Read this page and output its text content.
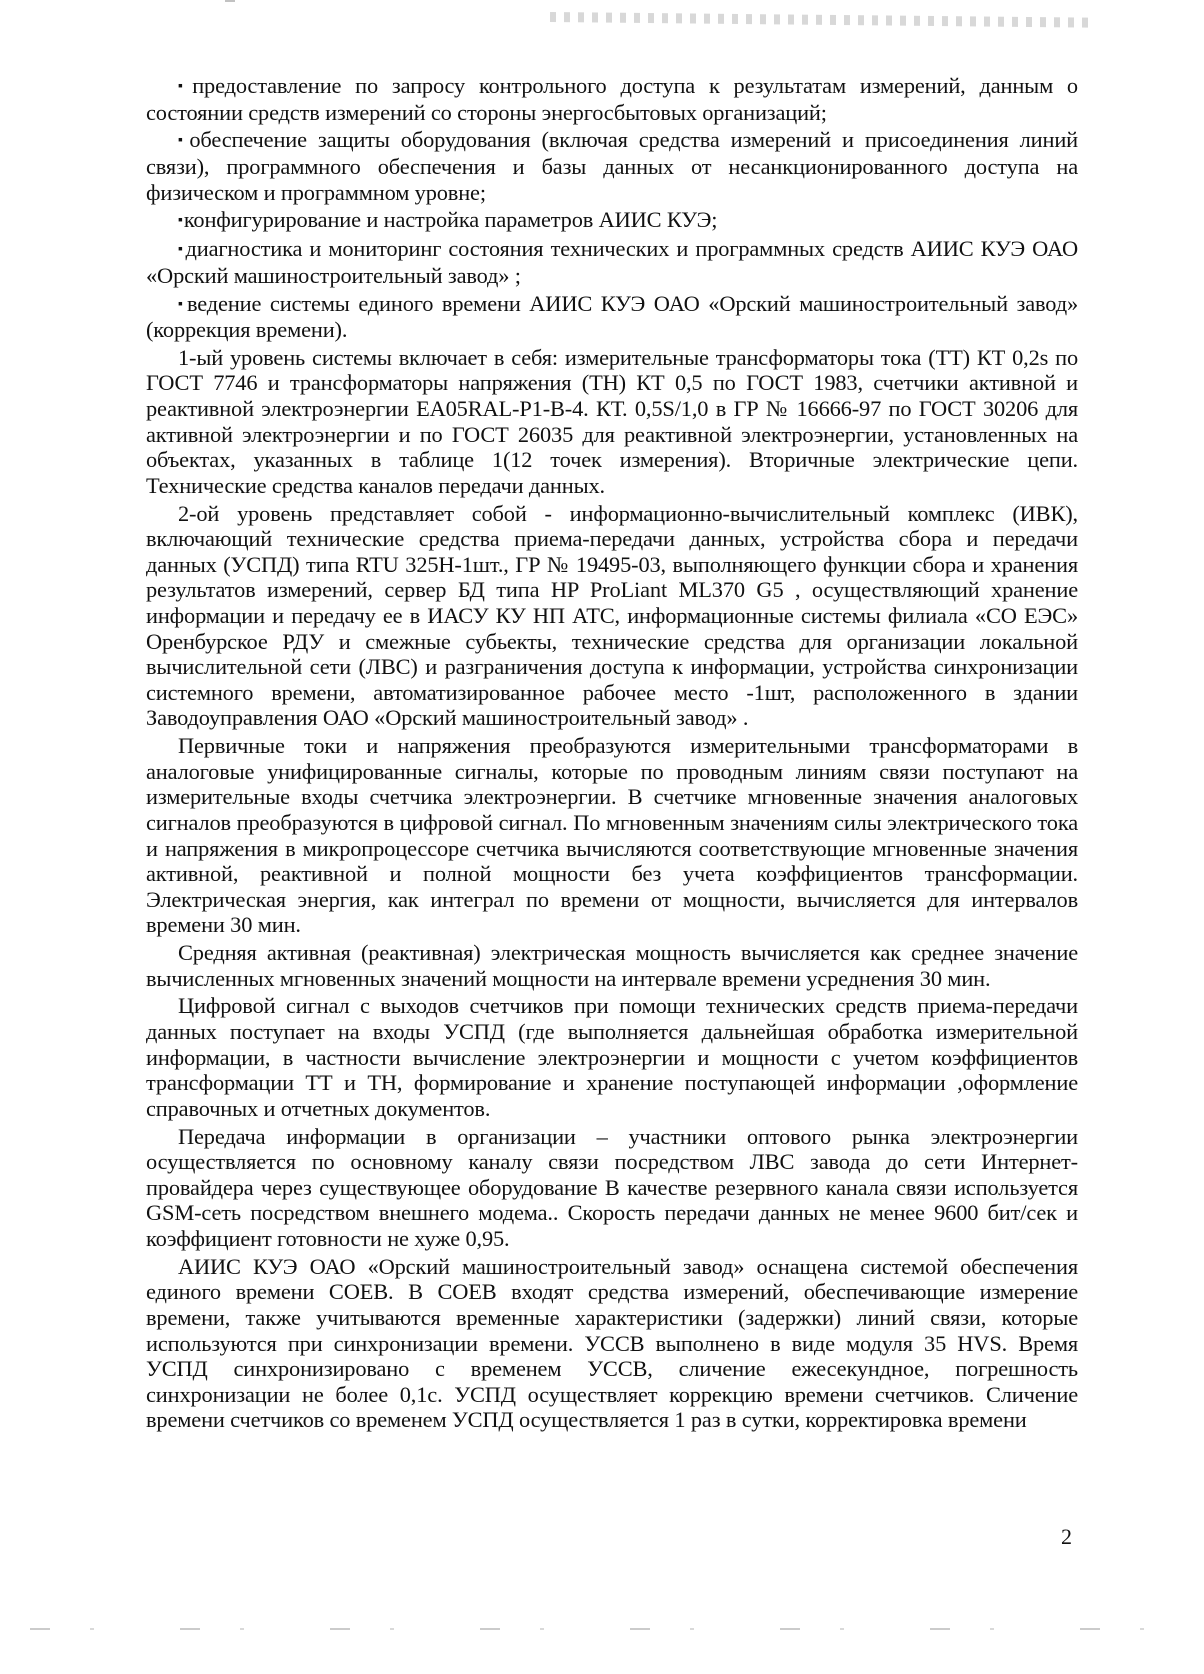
▪предоставление по запросу контрольного доступа к результатам измерений, данным о состоянии средств измерений со стороны энергосбытовых организаций;

▪обеспечение защиты оборудования (включая средства измерений и присоединения линий связи), программного обеспечения и базы данных от несанкционированного доступа на физическом и программном уровне;

▪конфигурирование и настройка параметров АИИС КУЭ;

▪диагностика и мониторинг состояния технических и программных средств АИИС КУЭ ОАО «Орский машиностроительный завод» ;

▪ведение системы единого времени АИИС КУЭ ОАО «Орский машиностроительный завод» (коррекция времени).

1-ый уровень системы включает в себя: измерительные трансформаторы тока (ТТ) КТ 0,2s по ГОСТ 7746 и трансформаторы напряжения (ТН) КТ 0,5 по ГОСТ 1983, счетчики активной и реактивной электроэнергии EA05RAL-P1-B-4. КТ. 0,5S/1,0 в ГР № 16666-97 по ГОСТ 30206 для активной электроэнергии и по ГОСТ 26035 для реактивной электроэнергии, установленных на объектах, указанных в таблице 1(12 точек измерения). Вторичные электрические цепи. Технические средства каналов передачи данных.

2-ой уровень представляет собой - информационно-вычислительный комплекс (ИВК), включающий технические средства приема-передачи данных, устройства сбора и передачи данных (УСПД) типа RTU 325H-1шт., ГР № 19495-03, выполняющего функции сбора и хранения результатов измерений, сервер БД типа HP ProLiant ML370 G5 , осуществляющий хранение информации и передачу ее в ИАСУ КУ НП АТС, информационные системы филиала «СО ЕЭС» Оренбурское РДУ и смежные субьекты, технические средства для организации локальной вычислительной сети (ЛВС) и разграничения доступа к информации, устройства синхронизации системного времени, автоматизированное рабочее место -1шт, расположенного в здании Заводоуправления ОАО «Орский машиностроительный завод» .

Первичные токи и напряжения преобразуются измерительными трансформаторами в аналоговые унифицированные сигналы, которые по проводным линиям связи поступают на измерительные входы счетчика электроэнергии. В счетчике мгновенные значения аналоговых сигналов преобразуются в цифровой сигнал. По мгновенным значениям силы электрического тока и напряжения в микропроцессоре счетчика вычисляются соответствующие мгновенные значения активной, реактивной и полной мощности без учета коэффициентов трансформации. Электрическая энергия, как интеграл по времени от мощности, вычисляется для интервалов времени 30 мин.

Средняя активная (реактивная) электрическая мощность вычисляется как среднее значение вычисленных мгновенных значений мощности на интервале времени усреднения 30 мин.

Цифровой сигнал с выходов счетчиков при помощи технических средств приема-передачи данных поступает на входы УСПД (где выполняется дальнейшая обработка измерительной информации, в частности вычисление электроэнергии и мощности с учетом коэффициентов трансформации ТТ и ТН, формирование и хранение поступающей информации ,оформление справочных и отчетных документов.

Передача информации в организации – участники оптового рынка электроэнергии осуществляется по основному каналу связи посредством ЛВС завода до сети Интернет-провайдера через существующее оборудование В качестве резервного канала связи используется GSM-сеть посредством внешнего модема.. Скорость передачи данных не менее 9600 бит/сек и коэффициент готовности не хуже 0,95.

АИИС КУЭ ОАО «Орский машиностроительный завод» оснащена системой обеспечения единого времени СОЕВ. В СОЕВ входят средства измерений, обеспечивающие измерение времени, также учитываются временные характеристики (задержки) линий связи, которые используются при синхронизации времени. УССВ выполнено в виде модуля 35 HVS. Время УСПД синхронизировано с временем УССВ, сличение ежесекундное, погрешность синхронизации не более 0,1с. УСПД осуществляет коррекцию времени счетчиков. Сличение времени счетчиков со временем УСПД осуществляется 1 раз в сутки, корректировка времени

2
